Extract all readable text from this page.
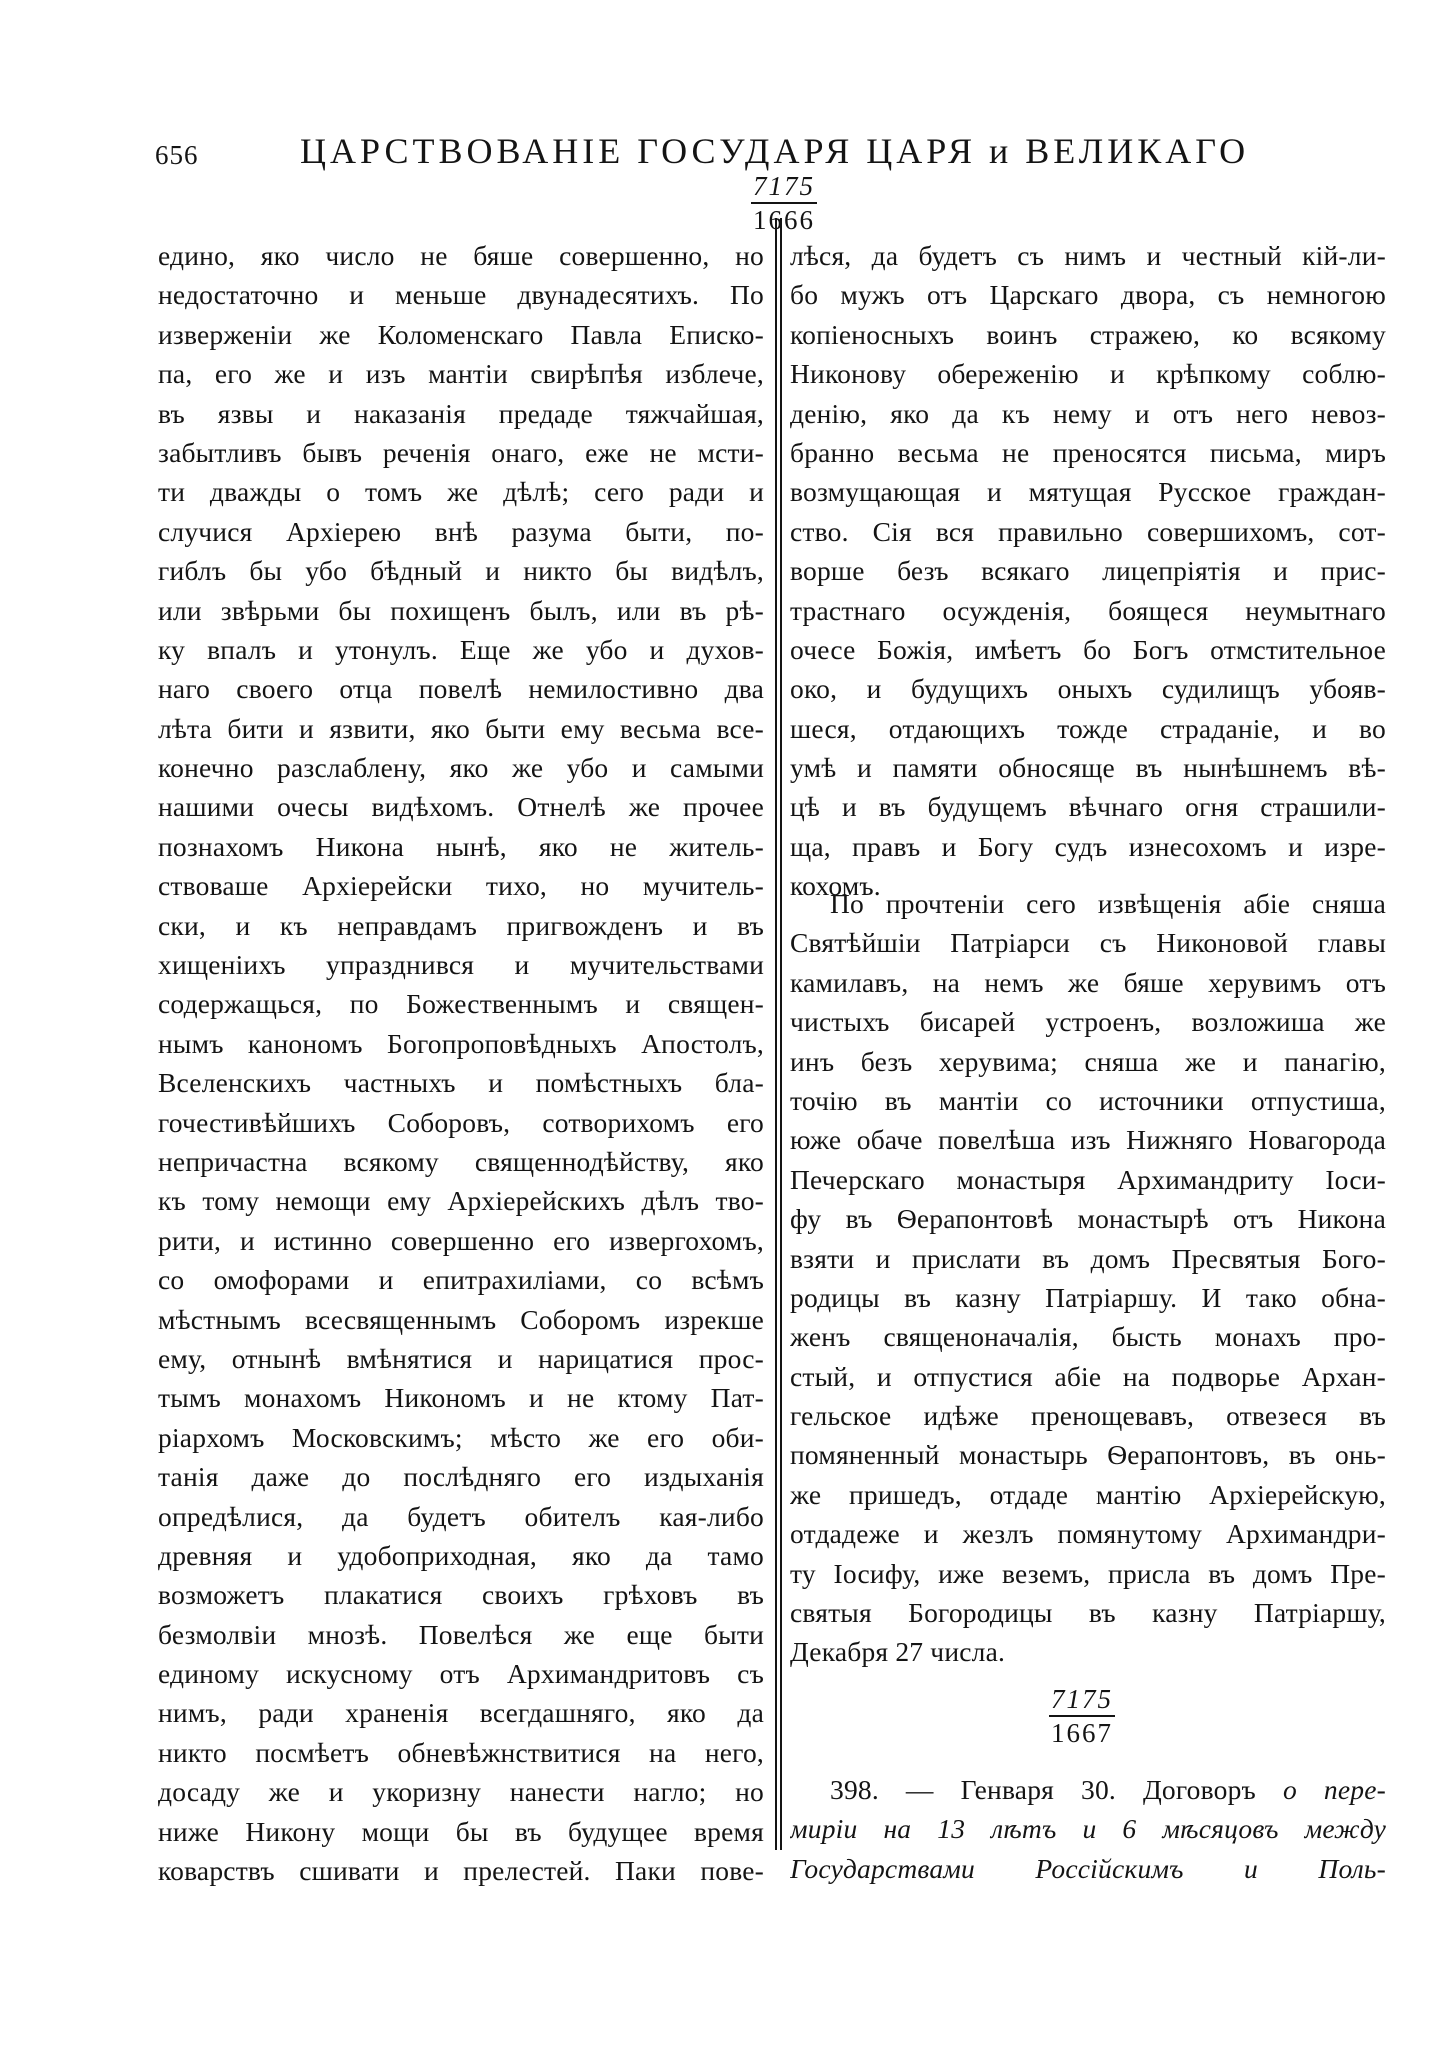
656	ЦАРСТВОВАНІЕ ГОСУДАРЯ ЦАРЯ и ВЕЛИКАГО
$\frac{7175}{1666}$
едино, яко число не бяше совершенно, но
недостаточно и меньше двунадесятихъ. По
изверженіи же Коломенскаго Павла Еписко-
па, его же и изъ мантіи свирѣпѣя изблече,
въ язвы и наказанія предаде тяжчайшая,
забытливъ бывъ реченія онаго, еже не мсти-
ти дважды о томъ же дѣлѣ; сего ради и
случися Архіерею внѣ разума быти, по-
гиблъ бы убо бѣдный и никто бы видѣлъ,
или звѣрьми бы похищенъ былъ, или въ рѣ-
ку впалъ и утонулъ. Еще же убо и духов-
наго своего отца повелѣ немилостивно два
лѣта бити и язвити, яко быти ему весьма все-
конечно разслаблену, яко же убо и самыми
нашими очесы видѣхомъ. Отнелѣ же прочее
познахомъ Никона нынѣ, яко не житель-
ствоваше Архіерейски тихо, но мучитель-
ски, и къ неправдамъ пригвожденъ и въ
хищеніихъ упразднився и мучительствами
содержащься, по Божественнымъ и священ-
нымъ канономъ Богопроповѣдныхъ Апостолъ,
Вселенскихъ частныхъ и помѣстныхъ бла-
гочестивѣйшихъ Соборовъ, сотворихомъ его
непричастна всякому священнодѣйству, яко
къ тому немощи ему Архіерейскихъ дѣлъ тво-
рити, и истинно совершенно его извергохомъ,
со омофорами и епитрахиліами, со всѣмъ
мѣстнымъ всесвященнымъ Соборомъ изрекше
ему, отнынѣ вмѣнятися и нарицатися прос-
тымъ монахомъ Никономъ и не ктому Пат-
ріархомъ Московскимъ; мѣсто же его оби-
танія даже до послѣдняго его издыханія
опредѣлися, да будетъ обителъ кая-либо
древняя и удобоприходная, яко да тамо
возможетъ плакатися своихъ грѣховъ въ
безмолвіи мнозѣ. Повелѣся же еще быти
единому искусному отъ Архимандритовъ съ
нимъ, ради храненія всегдашняго, яко да
никто посмѣетъ обневѣжнствитися на него,
досаду же и укоризну нанести нагло; но
ниже Никону мощи бы въ будущее время
коварствъ сшивати и прелестей. Паки пове-
лѣся, да будетъ съ нимъ и честный кій-ли-
бо мужъ отъ Царскаго двора, съ немногою
копіеносныхъ воинъ стражею, ко всякому
Никонову обереженію и крѣпкому соблю-
денію, яко да къ нему и отъ него невоз-
бранно весьма не преносятся письма, миръ
возмущающая и мятущая Русское граждан-
ство. Сія вся правильно совершихомъ, сот-
ворше безъ всякаго лицепріятія и прис-
трастнаго осужденія, боящеся неумытнаго
очесе Божія, имѣетъ бо Богъ отмстительное
око, и будущихъ оныхъ судилищъ убояв-
шеся, отдающихъ тожде страданіе, и во
умѣ и памяти обносяще въ нынѣшнемъ вѣ-
цѣ и въ будущемъ вѣчнаго огня страшили-
ща, правъ и Богу судъ изнесохомъ и изре-
кохомъ.
По прочтеніи сего извѣщенія абіе сняша
Святѣйшіи Патріарси съ Никоновой главы
камилавъ, на немъ же бяше херувимъ отъ
чистыхъ бисарей устроенъ, возложиша же
инъ безъ херувима; сняша же и панагію,
точію въ мантіи со источники отпустиша,
юже обаче повелѣша изъ Нижняго Новагорода
Печерскаго монастыря Архимандриту Іоси-
фу въ Ѳерапонтовѣ монастырѣ отъ Никона
взяти и прислати въ домъ Пресвятыя Бого-
родицы въ казну Патріаршу. И тако обна-
женъ священоначалія, бысть монахъ про-
стый, и отпустися абіе на подворье Архан-
гельское идѣже пренощевавъ, отвезеся въ
помяненный монастырь Ѳерапонтовъ, въ онь-
же пришедъ, отдаде мантію Архіерейскую,
отдадеже и жезлъ помянутому Архимандри-
ту Іосифу, иже веземъ, присла въ домъ Пре-
святыя Богородицы въ казну Патріаршу,
Декабря 27 числа.
$\frac{7175}{1667}$
398. — Генваря 30. Договоръ о пере-
миріи на 13 лѣтъ и 6 мѣсяцовъ между
Государствами Россійскимъ и Поль-
